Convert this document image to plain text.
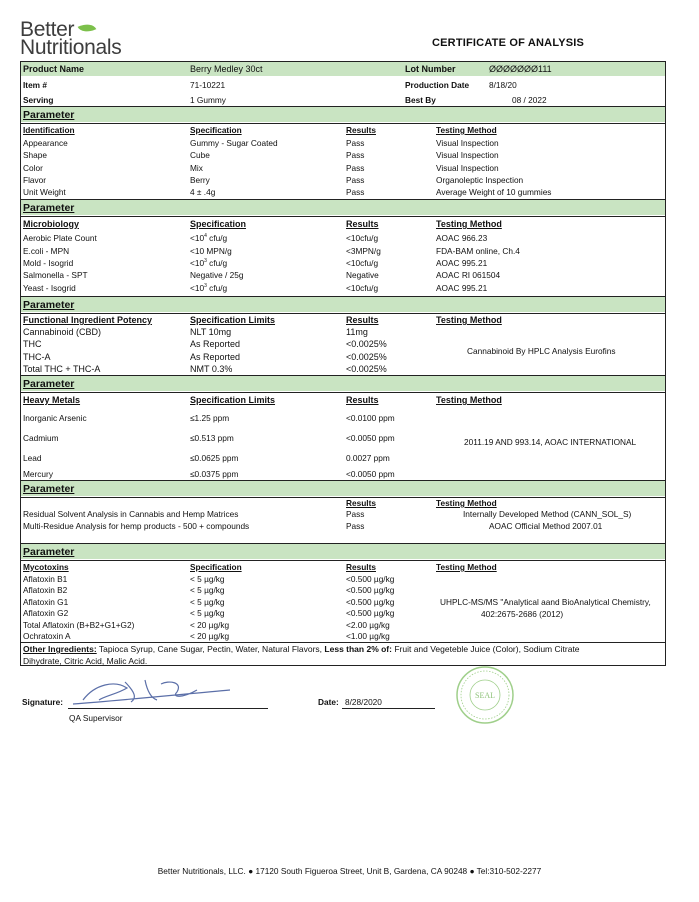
Better
Nutritionals	CERTIFICATE OF ANALYSIS
Product Name	Berry Medley 30ct	Lot Number	ØØØØØØØ111
Item #	71-10221	Production Date 8/18/20
Serving	1 Gummy	Best By	08 / 2022
Parameter
Identification	Specification	Results	Testing Method
Appearance	Gummy - Sugar Coated	Pass	Visual Inspection
Shape	Cube	Pass	Visual Inspection
Color	Mix	Pass	Visual Inspection
Flavor	Berry	Pass	Organoleptic Inspection
Unit Weight	4 ± .4g	Pass	Average Weight of 10 gummies
Parameter
Microbiology	Specification	Results	Testing Method
Aerobic Plate Count	$<10^4$ cfu/g	<10cfu/g	AOAC 966.23
E.coli - MPN	<10 MPN/g	<3MPN/g	FDA-BAM online, Ch.4
Mold - Isogrid	$<10^3$ cfu/g	<10cfu/g	AOAC 995.21
Salmonella - SPT	Negative / 25g	Negative	AOAC RI 061504
Yeast - Isogrid	$<10^3$ cfu/g	<10cfu/g	AOAC 995.21
Parameter
Functional Ingredient Potency	Specification Limits	Results	Testing Method
Cannabinoid (CBD)	NLT 10mg	11mg
THC	As Reported	<0.0025%
THC-A	As Reported	<0.0025%
Total THC + THC-A	NMT 0.3%	<0.0025%
Cannabinoid By HPLC Analysis Eurofins
Parameter
Heavy Metals	Specification Limits	Results	Testing Method
Inorganic Arsenic	≤1.25 ppm	<0.0100 ppm
Cadmium	≤0.513 ppm	<0.0050 ppm
Lead	≤0.0625 ppm	0.0027 ppm
Mercury	≤0.0375 ppm	<0.0050 ppm
2011.19 AND 993.14, AOAC INTERNATIONAL
Parameter
Results	Testing Method
Residual Solvent Analysis in Cannabis and Hemp Matrices	Pass	Internally Developed Method (CANN_SOL_S)
Multi-Residue Analysis for hemp products - 500 + compounds	Pass	AOAC Official Method 2007.01
Parameter
Mycotoxins	Specification	Results	Testing Method
Aflatoxin B1	< 5 µg/kg	<0.500 µg/kg
Aflatoxin B2	< 5 µg/kg	<0.500 µg/kg
Aflatoxin G1	< 5 µg/kg	<0.500 µg/kg
Aflatoxin G2	< 5 µg/kg	<0.500 µg/kg
Total Aflatoxin (B+B2+G1+G2)	< 20 µg/kg	<2.00 µg/kg
Ochratoxin A	< 20 µg/kg	<1.00 µg/kg
UHPLC-MS/MS "Analytical aand BioAnalytical Chemistry,
402:2675-2686 (2012)
Other Ingredients: Tapioca Syrup, Cane Sugar, Pectin, Water, Natural Flavors, Less than 2% of: Fruit and Vegeteble Juice (Color), Sodium Citrate
Dihydrate, Citric Acid, Malic Acid.
Signature:
QA Supervisor
Date: 8/28/2020
SEAL
Better Nutritionals, LLC. ● 17120 South Figueroa Street, Unit B, Gardena, CA 90248 ● Tel:310-502-2277
